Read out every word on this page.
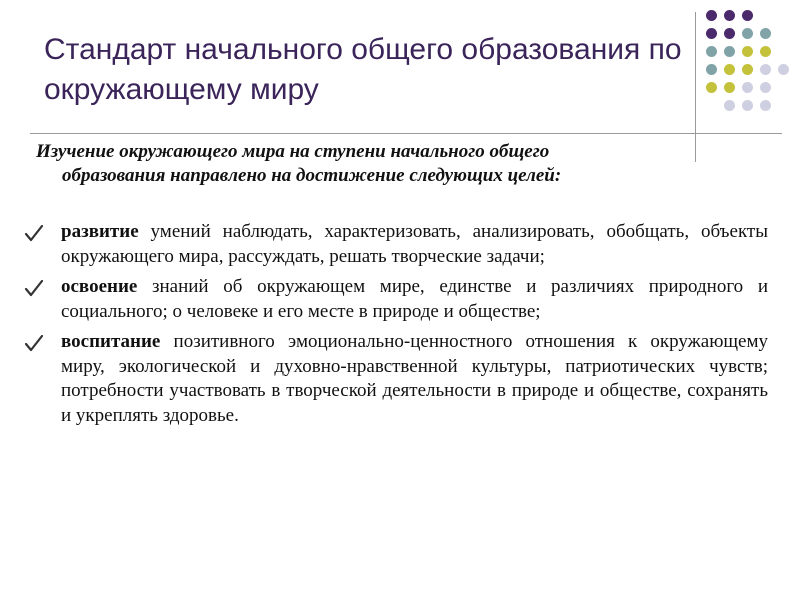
Стандарт начального общего образования по окружающему миру

Изучение окружающего мира на ступени начального общего
образования направлено на достижение следующих целей:

развитие умений наблюдать, характеризовать, анализировать, обобщать, объекты окружающего мира, рассуждать, решать творческие задачи;
освоение знаний об окружающем мире, единстве и различиях природного и социального; о человеке и его месте в природе и обществе;
воспитание позитивного эмоционально-ценностного отношения к окружающему миру, экологической и духовно-нравственной культуры, патриотических чувств; потребности участвовать в творческой деятельности в природе и обществе, сохранять и укреплять здоровье.
